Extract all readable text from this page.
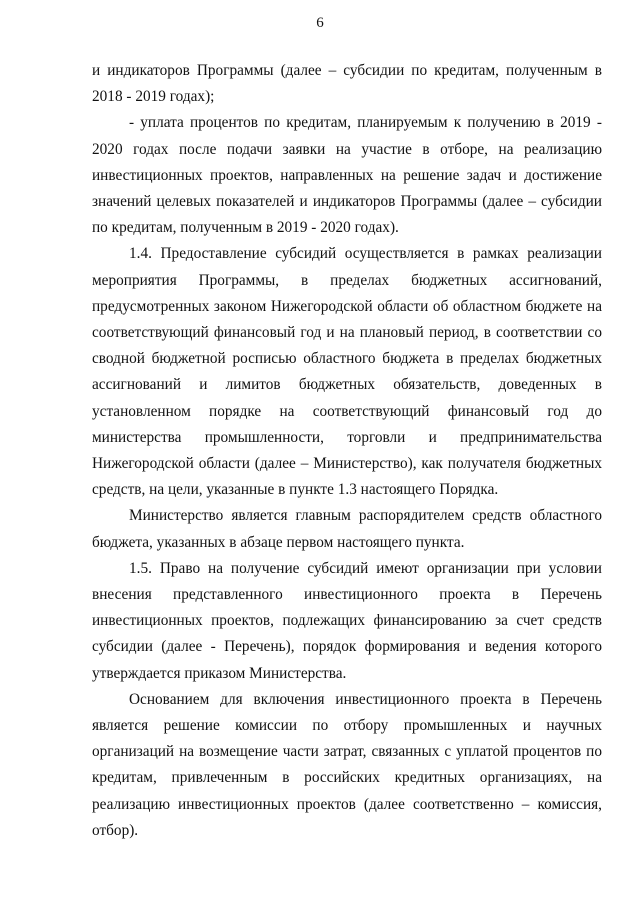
6

и индикаторов Программы (далее – субсидии по кредитам, полученным в 2018 - 2019 годах);

- уплата процентов по кредитам, планируемым к получению в 2019 - 2020 годах после подачи заявки на участие в отборе, на реализацию инвестиционных проектов, направленных на решение задач и достижение значений целевых показателей и индикаторов Программы (далее – субсидии по кредитам, полученным в 2019 - 2020 годах).

1.4. Предоставление субсидий осуществляется в рамках реализации мероприятия Программы, в пределах бюджетных ассигнований, предусмотренных законом Нижегородской области об областном бюджете на соответствующий финансовый год и на плановый период, в соответствии со сводной бюджетной росписью областного бюджета в пределах бюджетных ассигнований и лимитов бюджетных обязательств, доведенных в установленном порядке на соответствующий финансовый год до министерства промышленности, торговли и предпринимательства Нижегородской области (далее – Министерство), как получателя бюджетных средств, на цели, указанные в пункте 1.3 настоящего Порядка.

Министерство является главным распорядителем средств областного бюджета, указанных в абзаце первом настоящего пункта.

1.5. Право на получение субсидий имеют организации при условии внесения представленного инвестиционного проекта в Перечень инвестиционных проектов, подлежащих финансированию за счет средств субсидии (далее - Перечень), порядок формирования и ведения которого утверждается приказом Министерства.

Основанием для включения инвестиционного проекта в Перечень является решение комиссии по отбору промышленных и научных организаций на возмещение части затрат, связанных с уплатой процентов по кредитам, привлеченным в российских кредитных организациях, на реализацию инвестиционных проектов (далее соответственно – комиссия, отбор).
